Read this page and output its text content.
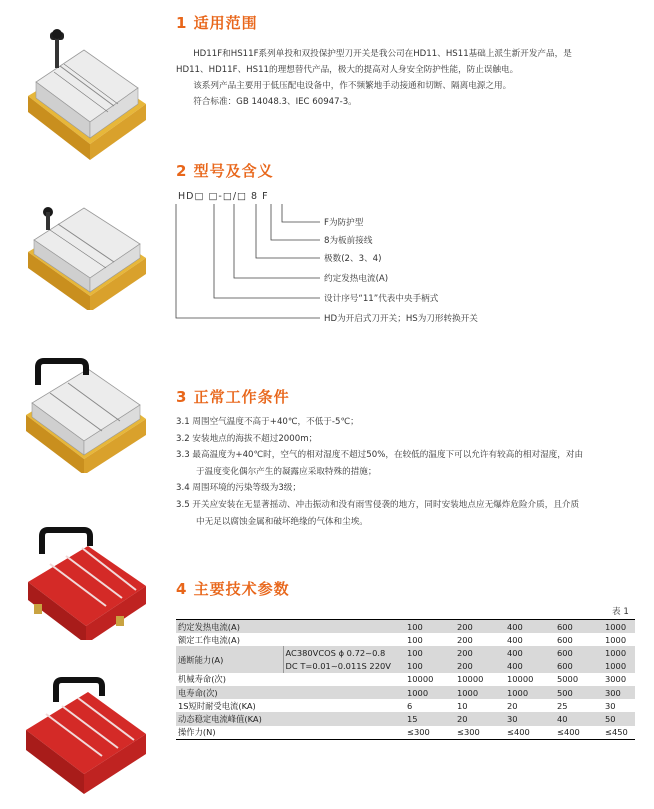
1 适用范围
HD11F和HS11F系列单投和双投保护型刀开关是我公司在HD11、HS11基础上派生新开发产品，是
HD11、HD11F、HS11的理想替代产品，极大的提高对人身安全防护性能，防止误触电。
该系列产品主要用于低压配电设备中，作不频繁地手动接通和切断、隔离电源之用。
符合标准：GB 14048.3、IEC 60947-3。
2 型号及含义
HD□ □-□/□ 8 F
F为防护型
8为板前接线
极数(2、3、4)
约定发热电流(A)
设计序号“11”代表中央手柄式
HD为开启式刀开关；HS为刀形转换开关
3 正常工作条件
3.1 周围空气温度不高于+40℃，不低于-5℃；
3.2 安装地点的海拔不超过2000m；
3.3 最高温度为+40℃时，空气的相对湿度不超过50%，在较低的温度下可以允许有较高的相对湿度，对由
于温度变化偶尔产生的凝露应采取特殊的措施；
3.4 周围环境的污染等级为3级；
3.5 开关应安装在无显著摇动、冲击振动和没有雨雪侵袭的地方，同时安装地点应无爆炸危险介质，且介质
中无足以腐蚀金属和破坏绝缘的气体和尘埃。
4 主要技术参数
表 1
约定发热电流(A)		100	200	400	600	1000
额定工作电流(A)		100	200	400	600	1000
通断能力(A)	AC380VCOS ϕ 0.72~0.8	100	200	400	600	1000
	DC T=0.01~0.011S 220V	100	200	400	600	1000
机械寿命(次)		10000	10000	10000	5000	3000
电寿命(次)		1000	1000	1000	500	300
1S短时耐受电流(KA)		6	10	20	25	30
动态稳定电流峰值(KA)		15	20	30	40	50
操作力(N)		≤300	≤300	≤400	≤400	≤450
